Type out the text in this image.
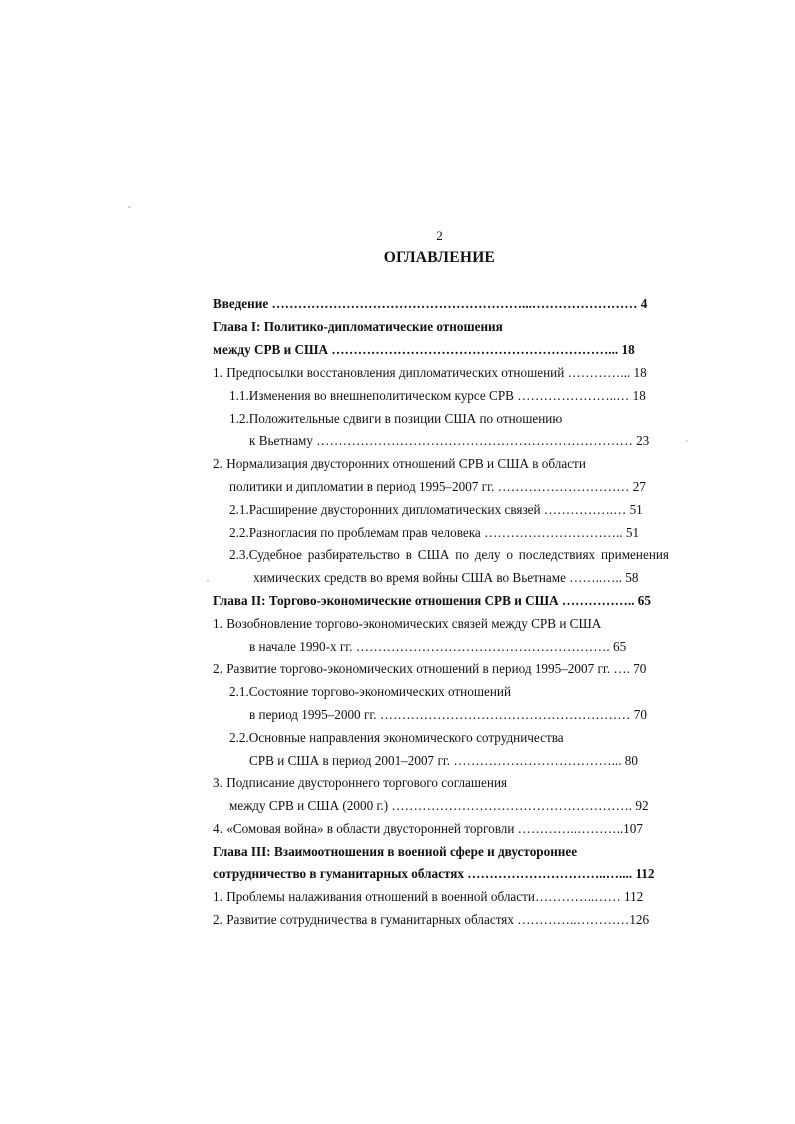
2
ОГЛАВЛЕНИЕ
Введение …………………………………………………...…………………… 4
Глава I: Политико-дипломатические отношения
между СРВ и США ………………………………………………………... 18
1. Предпосылки восстановления дипломатических отношений …………... 18
1.1.Изменения во внешнеполитическом курсе СРВ …………………..… 18
1.2.Положительные сдвиги в позиции США по отношению
к Вьетнаму ……………………………………………………………… 23
2. Нормализация двусторонних отношений СРВ и США в области
политики и дипломатии в период 1995–2007 гг. ………………………… 27
2.1.Расширение двусторонних дипломатических связей …………….… 51
2.2.Разногласия по проблемам прав человека ………………………….. 51
2.3.Судебное разбирательство в США по делу о последствиях применения
химических средств во время войны США во Вьетнаме ……..….. 58
Глава II: Торгово-экономические отношения СРВ и США …………….. 65
1. Возобновление торгово-экономических связей между СРВ и США
в начале 1990-х гг. …………………………………………………. 65
2. Развитие торгово-экономических отношений в период 1995–2007 гг. …. 70
2.1.Состояние торгово-экономических отношений
в период 1995–2000 гг. ………………………………………………… 70
2.2.Основные направления экономического сотрудничества
СРВ и США в период 2001–2007 гг. ………………………………... 80
3. Подписание двустороннего торгового соглашения
между СРВ и США (2000 г.) ………………………………………………. 92
4. «Сомовая война» в области двусторонней торговли …………..………..107
Глава III: Взаимоотношения в военной сфере и двустороннее
сотрудничество в гуманитарных областях …………………………..….... 112
1. Проблемы налаживания отношений в военной области…………..…… 112
2. Развитие сотрудничества в гуманитарных областях …………..…………126
